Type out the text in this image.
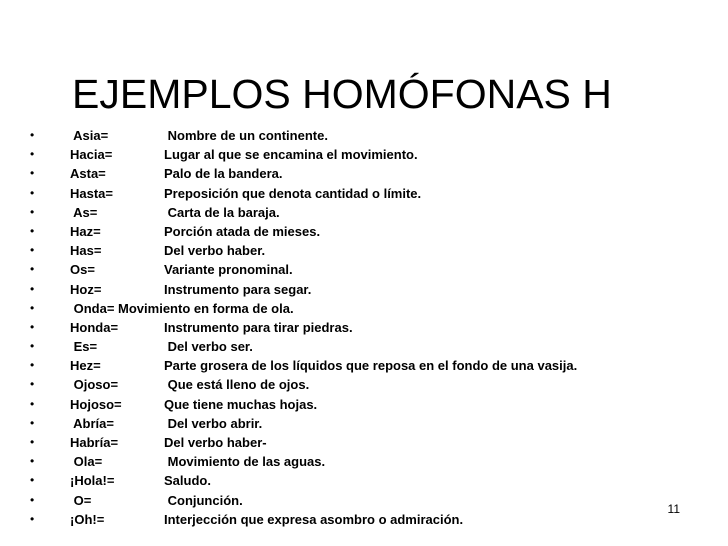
EJEMPLOS HOMÓFONAS H
•	Asia=	Nombre de un continente.
•	Hacia=	Lugar al que se encamina el movimiento.
•	Asta=	Palo de la bandera.
•	Hasta=	Preposición que denota cantidad o límite.
•	As=	Carta de la baraja.
•	Haz=	Porción atada de mieses.
•	Has=	Del verbo haber.
•	Os=	Variante pronominal.
•	Hoz=	Instrumento para segar.
•	Onda= Movimiento en forma de ola.
•	Honda=	Instrumento para tirar piedras.
•	Es=	Del verbo ser.
•	Hez=	Parte grosera de los líquidos que reposa en el fondo de una vasija.
•	Ojoso=	Que está lleno de ojos.
•	Hojoso=	Que tiene muchas hojas.
•	Abría=	Del verbo abrir.
•	Habría=	Del verbo haber-
•	Ola=	Movimiento de las aguas.
•	¡Hola!=	Saludo.
•	O=	Conjunción.
•	¡Oh!=	Interjección que expresa asombro o admiración.
11
